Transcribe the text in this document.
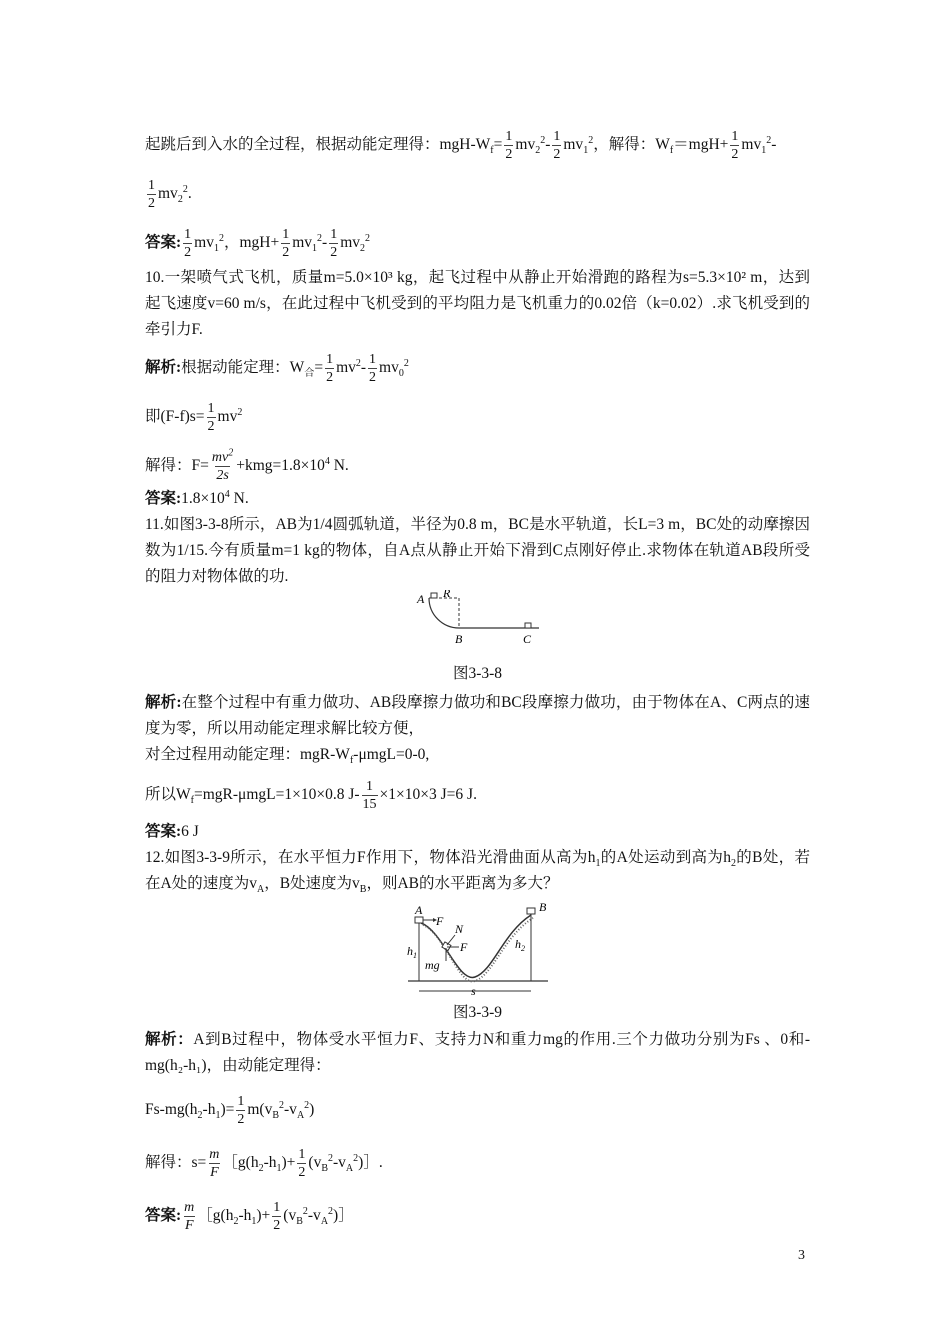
起跳后到入水的全过程，根据动能定理得：mgH-$W_f= \frac{1}{2} mv_2^2- \frac{1}{2} mv_1^2$，解得：$W_f=mgH+ \frac{1}{2} mv_1^2-$
$\frac{1}{2} mv_2^2$.
答案: $\frac{1}{2} mv_1^2$，$mgH+ \frac{1}{2} mv_1^2- \frac{1}{2} mv_2^2$
10.一架喷气式飞机，质量m=5.0×10³ kg，起飞过程中从静止开始滑跑的路程为s=5.3×10² m，达到起飞速度v=60 m/s，在此过程中飞机受到的平均阻力是飞机重力的0.02倍（k=0.02）.求飞机受到的牵引力F.
解析:根据动能定理：$W_合= \frac{1}{2} mv^2- \frac{1}{2} mv_0^2$
即$(F-f)s= \frac{1}{2} mv^2$
解得：$F= \frac{mv^2}{2s} +kmg=1.8\times 10^4$ N.
答案$:1.8\times 10^4$ N.
11.如图3-3-8所示，AB为1/4圆弧轨道，半径为0.8 m，BC是水平轨道，长L=3 m，BC处的动摩擦因数为1/15.今有质量m=1 kg的物体，自A点从静止开始下滑到C点刚好停止.求物体在轨道AB段所受的阻力对物体做的功.
A R
B	C
图3-3-8
解析:在整个过程中有重力做功、AB段摩擦力做功和BC段摩擦力做功，由于物体在A、C两点的速度为零，所以用动能定理求解比较方便，
对全过程用动能定理：mgR-$W_f-\mu mgL=0-0$,
所以$W_f=mgR-\mu mgL=1\times 10\times 0.8$ $J- \frac{1}{15} \times 1\times 10\times 3$ J=6 J.
答案:6 J
12.如图3-3-9所示，在水平恒力F作用下，物体沿光滑曲面从高为$h_1$的A处运动到高为$h_2$的B处，若在A处的速度为$v_A$，B处速度为$v_B$，则AB的水平距离为多大？
A
F
N
F
$h_1$
mg
$h_2$
B
s
图3-3-9
解析：A到B过程中，物体受水平恒力F、支持力N和重力mg的作用.三个力做功分别为Fs 、0和-mg(h₂-h₁)，由动能定理得：
$Fs-mg(h_2-h_1)= \frac{1}{2} m(v_B^2-v_A^2)$
解得：$s= \frac{m}{F}$ $[g(h_2-h_1)+ \frac{1}{2}$ $(v_B^2-v_A^2)]$.
答案: $\frac{m}{F}$ $[g(h_2-h_1)+ \frac{1}{2}$ $(v_B^2-v_A^2)]$
3
